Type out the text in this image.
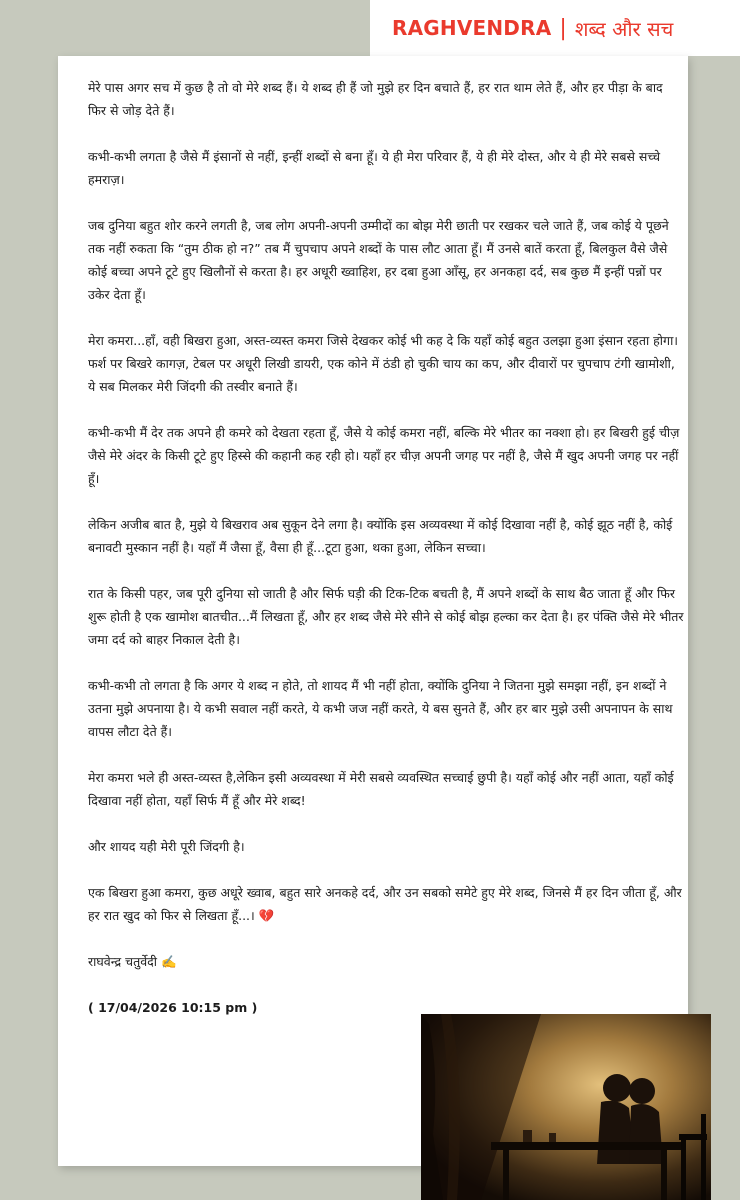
RAGHVENDRA | शब्द और सच

मेरे पास अगर सच में कुछ है तो वो मेरे शब्द हैं। ये शब्द ही हैं जो मुझे हर दिन बचाते हैं, हर रात थाम लेते हैं, और हर पीड़ा के बाद फिर से जोड़ देते हैं।

कभी-कभी लगता है जैसे मैं इंसानों से नहीं, इन्हीं शब्दों से बना हूँ। ये ही मेरा परिवार हैं, ये ही मेरे दोस्त, और ये ही मेरे सबसे सच्चे हमराज़।

जब दुनिया बहुत शोर करने लगती है, जब लोग अपनी-अपनी उम्मीदों का बोझ मेरी छाती पर रखकर चले जाते हैं, जब कोई ये पूछने तक नहीं रुकता कि “तुम ठीक हो न?” तब मैं चुपचाप अपने शब्दों के पास लौट आता हूँ। मैं उनसे बातें करता हूँ, बिलकुल वैसे जैसे कोई बच्चा अपने टूटे हुए खिलौनों से करता है। हर अधूरी ख्वाहिश, हर दबा हुआ आँसू, हर अनकहा दर्द, सब कुछ मैं इन्हीं पन्नों पर उकेर देता हूँ।

मेरा कमरा...हाँ, वही बिखरा हुआ, अस्त-व्यस्त कमरा जिसे देखकर कोई भी कह दे कि यहाँ कोई बहुत उलझा हुआ इंसान रहता होगा। फर्श पर बिखरे कागज़, टेबल पर अधूरी लिखी डायरी, एक कोने में ठंडी हो चुकी चाय का कप, और दीवारों पर चुपचाप टंगी खामोशी, ये सब मिलकर मेरी जिंदगी की तस्वीर बनाते हैं।

कभी-कभी मैं देर तक अपने ही कमरे को देखता रहता हूँ, जैसे ये कोई कमरा नहीं, बल्कि मेरे भीतर का नक्शा हो। हर बिखरी हुई चीज़ जैसे मेरे अंदर के किसी टूटे हुए हिस्से की कहानी कह रही हो। यहाँ हर चीज़ अपनी जगह पर नहीं है, जैसे मैं खुद अपनी जगह पर नहीं हूँ।

लेकिन अजीब बात है, मुझे ये बिखराव अब सुकून देने लगा है। क्योंकि इस अव्यवस्था में कोई दिखावा नहीं है, कोई झूठ नहीं है, कोई बनावटी मुस्कान नहीं है। यहाँ मैं जैसा हूँ, वैसा ही हूँ...टूटा हुआ, थका हुआ, लेकिन सच्चा।

रात के किसी पहर, जब पूरी दुनिया सो जाती है और सिर्फ घड़ी की टिक-टिक बचती है, मैं अपने शब्दों के साथ बैठ जाता हूँ और फिर शुरू होती है एक खामोश बातचीत...मैं लिखता हूँ, और हर शब्द जैसे मेरे सीने से कोई बोझ हल्का कर देता है। हर पंक्ति जैसे मेरे भीतर जमा दर्द को बाहर निकाल देती है।

कभी-कभी तो लगता है कि अगर ये शब्द न होते, तो शायद मैं भी नहीं होता, क्योंकि दुनिया ने जितना मुझे समझा नहीं, इन शब्दों ने उतना मुझे अपनाया है। ये कभी सवाल नहीं करते, ये कभी जज नहीं करते, ये बस सुनते हैं, और हर बार मुझे उसी अपनापन के साथ वापस लौटा देते हैं।

मेरा कमरा भले ही अस्त-व्यस्त है,लेकिन इसी अव्यवस्था में मेरी सबसे व्यवस्थित सच्चाई छुपी है। यहाँ कोई और नहीं आता, यहाँ कोई दिखावा नहीं होता, यहाँ सिर्फ मैं हूँ और मेरे शब्द!

और शायद यही मेरी पूरी जिंदगी है।

एक बिखरा हुआ कमरा, कुछ अधूरे ख्वाब, बहुत सारे अनकहे दर्द, और उन सबको समेटे हुए मेरे शब्द, जिनसे मैं हर दिन जीता हूँ, और हर रात खुद को फिर से लिखता हूँ...। 💔

राघवेन्द्र चतुर्वेदी ✍️

( 17/04/2026 10:15 pm )
